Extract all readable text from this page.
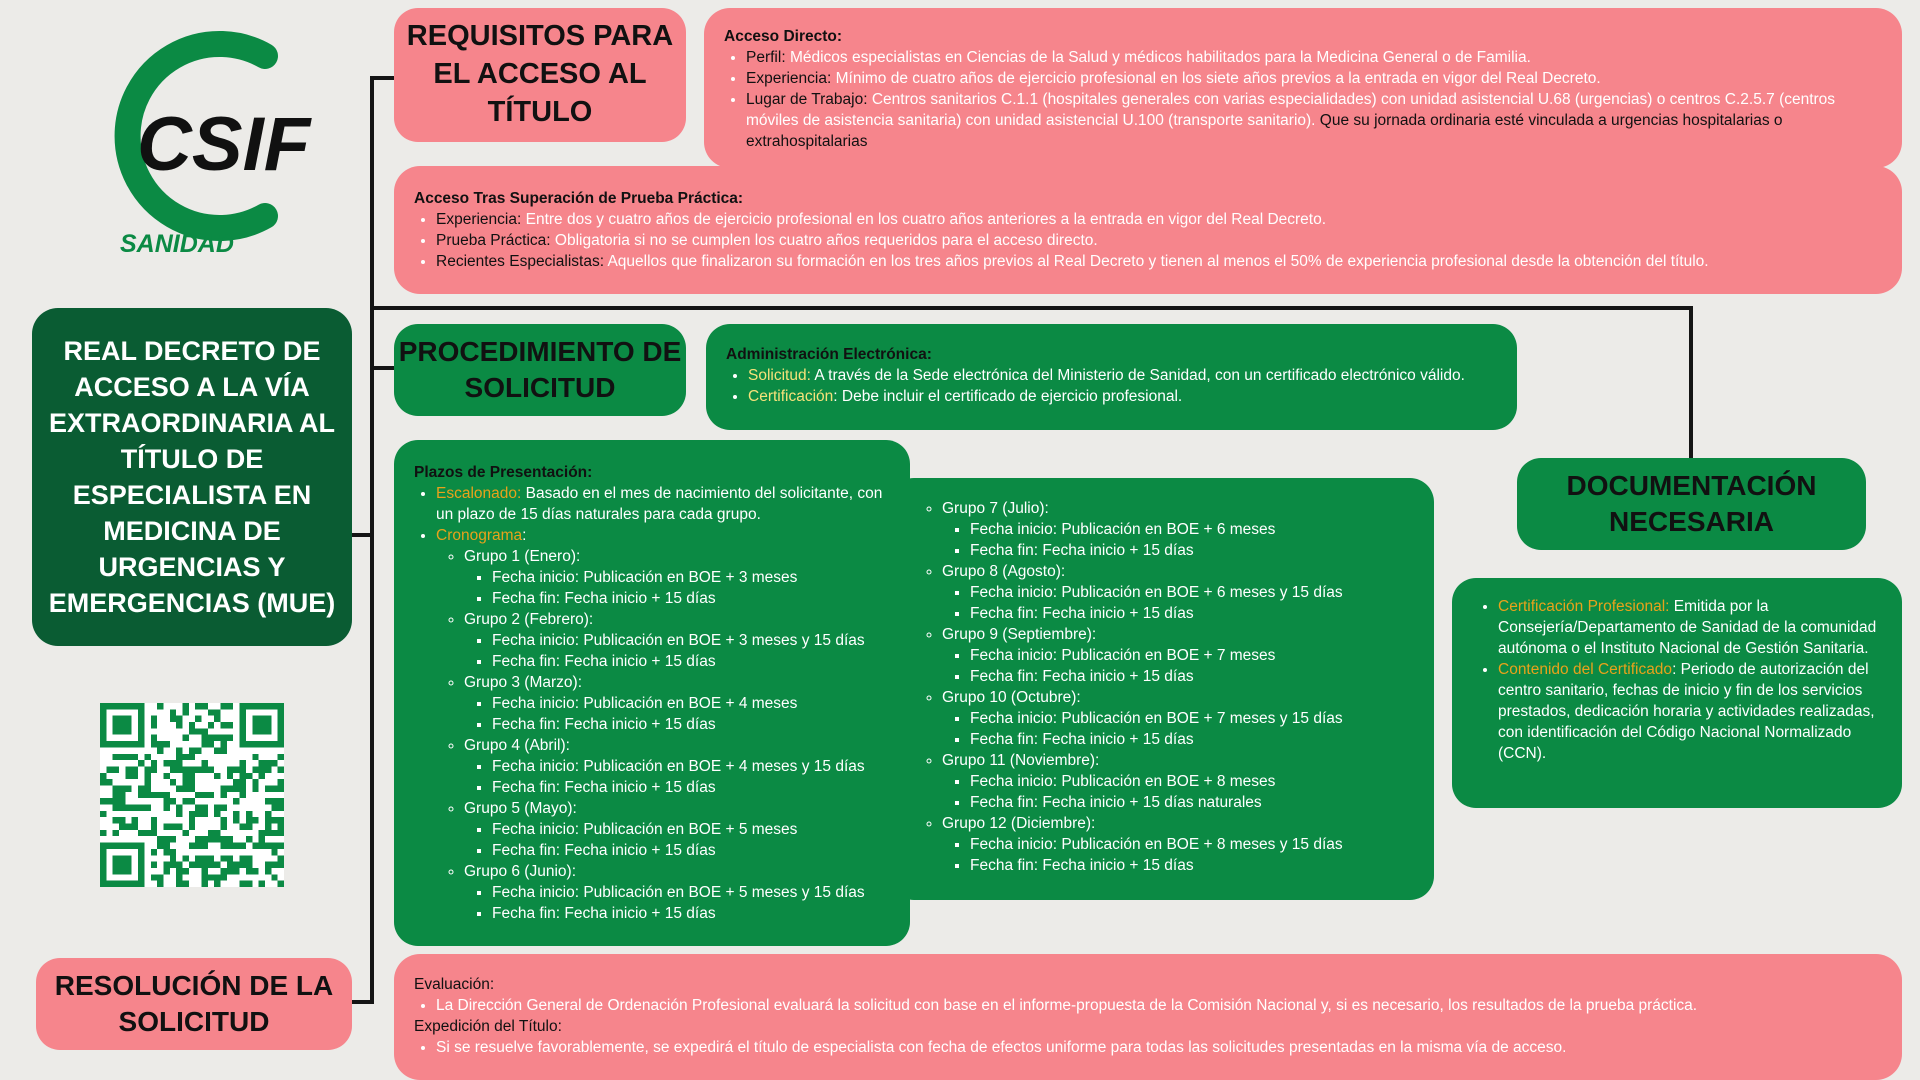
CSIF
SANIDAD
REAL DECRETO DE ACCESO A LA VÍA EXTRAORDINARIA AL TÍTULO DE ESPECIALISTA EN MEDICINA DE URGENCIAS Y EMERGENCIAS (MUE)
REQUISITOS PARA EL ACCESO AL TÍTULO
PROCEDIMIENTO DE SOLICITUD
DOCUMENTACIÓN NECESARIA
RESOLUCIÓN DE LA SOLICITUD
Acceso Directo:
• Perfil: Médicos especialistas en Ciencias de la Salud y médicos habilitados para la Medicina General o de Familia.
• Experiencia: Mínimo de cuatro años de ejercicio profesional en los siete años previos a la entrada en vigor del Real Decreto.
• Lugar de Trabajo: Centros sanitarios C.1.1 (hospitales generales con varias especialidades) con unidad asistencial U.68 (urgencias) o centros C.2.5.7 (centros móviles de asistencia sanitaria) con unidad asistencial U.100 (transporte sanitario). Que su jornada ordinaria esté vinculada a urgencias hospitalarias o extrahospitalarias
Acceso Tras Superación de Prueba Práctica:
• Experiencia: Entre dos y cuatro años de ejercicio profesional en los cuatro años anteriores a la entrada en vigor del Real Decreto.
• Prueba Práctica: Obligatoria si no se cumplen los cuatro años requeridos para el acceso directo.
• Recientes Especialistas: Aquellos que finalizaron su formación en los tres años previos al Real Decreto y tienen al menos el 50% de experiencia profesional desde la obtención del título.
Administración Electrónica:
• Solicitud: A través de la Sede electrónica del Ministerio de Sanidad, con un certificado electrónico válido.
• Certificación: Debe incluir el certificado de ejercicio profesional.
◦ Grupo 7 (Julio):
▪ Fecha inicio: Publicación en BOE + 6 meses
▪ Fecha fin: Fecha inicio + 15 días
◦ Grupo 8 (Agosto):
▪ Fecha inicio: Publicación en BOE + 6 meses y 15 días
▪ Fecha fin: Fecha inicio + 15 días
◦ Grupo 9 (Septiembre):
▪ Fecha inicio: Publicación en BOE + 7 meses
▪ Fecha fin: Fecha inicio + 15 días
◦ Grupo 10 (Octubre):
▪ Fecha inicio: Publicación en BOE + 7 meses y 15 días
▪ Fecha fin: Fecha inicio + 15 días
◦ Grupo 11 (Noviembre):
▪ Fecha inicio: Publicación en BOE + 8 meses
▪ Fecha fin: Fecha inicio + 15 días naturales
◦ Grupo 12 (Diciembre):
▪ Fecha inicio: Publicación en BOE + 8 meses y 15 días
▪ Fecha fin: Fecha inicio + 15 días
Plazos de Presentación:
• Escalonado: Basado en el mes de nacimiento del solicitante, con un plazo de 15 días naturales para cada grupo.
• Cronograma:
◦ Grupo 1 (Enero):
▪ Fecha inicio: Publicación en BOE + 3 meses
▪ Fecha fin: Fecha inicio + 15 días
◦ Grupo 2 (Febrero):
▪ Fecha inicio: Publicación en BOE + 3 meses y 15 días
▪ Fecha fin: Fecha inicio + 15 días
◦ Grupo 3 (Marzo):
▪ Fecha inicio: Publicación en BOE + 4 meses
▪ Fecha fin: Fecha inicio + 15 días
◦ Grupo 4 (Abril):
▪ Fecha inicio: Publicación en BOE + 4 meses y 15 días
▪ Fecha fin: Fecha inicio + 15 días
◦ Grupo 5 (Mayo):
▪ Fecha inicio: Publicación en BOE + 5 meses
▪ Fecha fin: Fecha inicio + 15 días
◦ Grupo 6 (Junio):
▪ Fecha inicio: Publicación en BOE + 5 meses y 15 días
▪ Fecha fin: Fecha inicio + 15 días
• Certificación Profesional: Emitida por la Consejería/Departamento de Sanidad de la comunidad autónoma o el Instituto Nacional de Gestión Sanitaria.
• Contenido del Certificado: Periodo de autorización del centro sanitario, fechas de inicio y fin de los servicios prestados, dedicación horaria y actividades realizadas, con identificación del Código Nacional Normalizado (CCN).
Evaluación:
• La Dirección General de Ordenación Profesional evaluará la solicitud con base en el informe-propuesta de la Comisión Nacional y, si es necesario, los resultados de la prueba práctica.
Expedición del Título:
• Si se resuelve favorablemente, se expedirá el título de especialista con fecha de efectos uniforme para todas las solicitudes presentadas en la misma vía de acceso.
